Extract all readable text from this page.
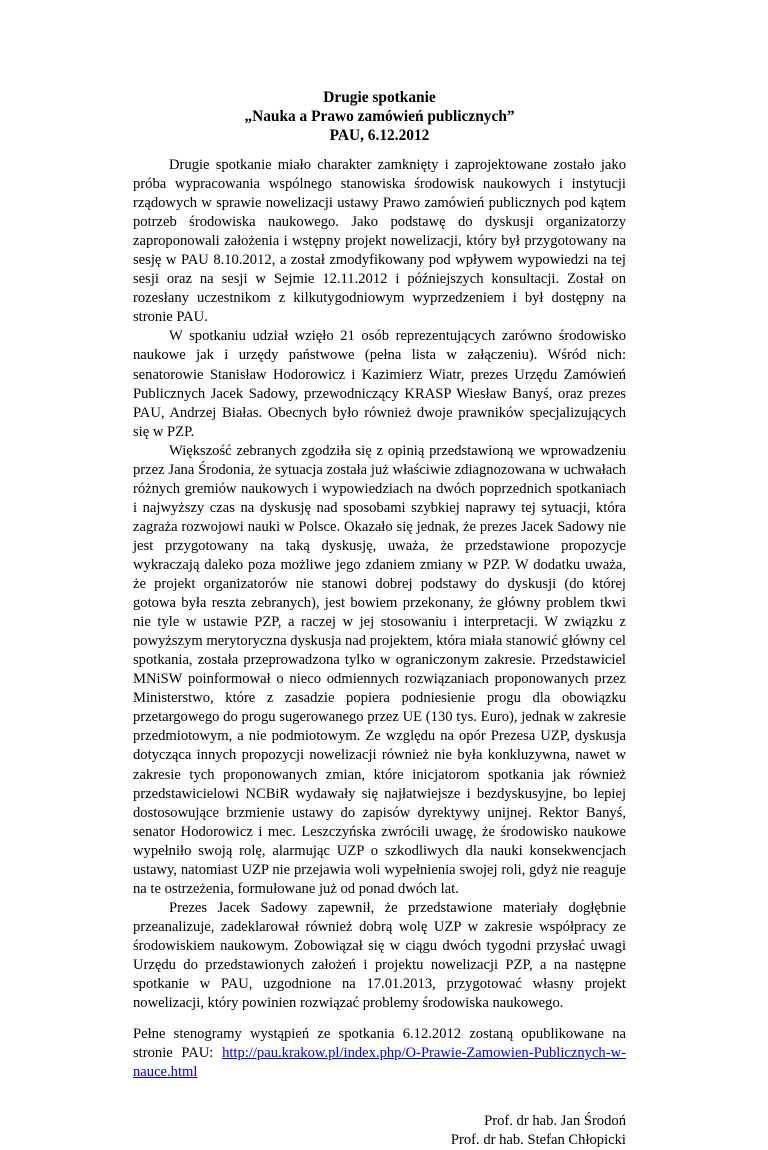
Drugie spotkanie
„Nauka a Prawo zamówień publicznych”
PAU, 6.12.2012

Drugie spotkanie miało charakter zamknięty i zaprojektowane zostało jako próba wypracowania wspólnego stanowiska środowisk naukowych i instytucji rządowych w sprawie nowelizacji ustawy Prawo zamówień publicznych pod kątem potrzeb środowiska naukowego. Jako podstawę do dyskusji organizatorzy zaproponowali założenia i wstępny projekt nowelizacji, który był przygotowany na sesję w PAU 8.10.2012, a został zmodyfikowany pod wpływem wypowiedzi na tej sesji oraz na sesji w Sejmie 12.11.2012 i późniejszych konsultacji. Został on rozesłany uczestnikom z kilkutygodniowym wyprzedzeniem i był dostępny na stronie PAU.

W spotkaniu udział wzięło 21 osób reprezentujących zarówno środowisko naukowe jak i urzędy państwowe (pełna lista w załączeniu). Wśród nich: senatorowie Stanisław Hodorowicz i Kazimierz Wiatr, prezes Urzędu Zamówień Publicznych Jacek Sadowy, przewodniczący KRASP Wiesław Banyś, oraz prezes PAU, Andrzej Białas. Obecnych było również dwoje prawników specjalizujących się w PZP.

Większość zebranych zgodziła się z opinią przedstawioną we wprowadzeniu przez Jana Środonia, że sytuacja została już właściwie zdiagnozowana w uchwałach różnych gremiów naukowych i wypowiedziach na dwóch poprzednich spotkaniach i najwyższy czas na dyskusję nad sposobami szybkiej naprawy tej sytuacji, która zagraża rozwojowi nauki w Polsce. Okazało się jednak, że prezes Jacek Sadowy nie jest przygotowany na taką dyskusję, uważa, że przedstawione propozycje wykraczają daleko poza możliwe jego zdaniem zmiany w PZP. W dodatku uważa, że projekt organizatorów nie stanowi dobrej podstawy do dyskusji (do której gotowa była reszta zebranych), jest bowiem przekonany, że główny problem tkwi nie tyle w ustawie PZP, a raczej w jej stosowaniu i interpretacji. W związku z powyższym merytoryczna dyskusja nad projektem, która miała stanowić główny cel spotkania, została przeprowadzona tylko w ograniczonym zakresie. Przedstawiciel MNiSW poinformował o nieco odmiennych rozwiązaniach proponowanych przez Ministerstwo, które z zasadzie popiera podniesienie progu dla obowiązku przetargowego do progu sugerowanego przez UE (130 tys. Euro), jednak w zakresie przedmiotowym, a nie podmiotowym. Ze względu na opór Prezesa UZP, dyskusja dotycząca innych propozycji nowelizacji również nie była konkluzywna, nawet w zakresie tych proponowanych zmian, które inicjatorom spotkania jak również przedstawicielowi NCBiR wydawały się najłatwiejsze i bezdyskusyjne, bo lepiej dostosowujące brzmienie ustawy do zapisów dyrektywy unijnej. Rektor Banyś, senator Hodorowicz i mec. Leszczyńska zwrócili uwagę, że środowisko naukowe wypełniło swoją rolę, alarmując UZP o szkodliwych dla nauki konsekwencjach ustawy, natomiast UZP nie przejawia woli wypełnienia swojej roli, gdyż nie reaguje na te ostrzeżenia, formułowane już od ponad dwóch lat.

Prezes Jacek Sadowy zapewnił, że przedstawione materiały dogłębnie przeanalizuje, zadeklarował również dobrą wolę UZP w zakresie współpracy ze środowiskiem naukowym. Zobowiązał się w ciągu dwóch tygodni przysłać uwagi Urzędu do przedstawionych założeń i projektu nowelizacji PZP, a na następne spotkanie w PAU, uzgodnione na 17.01.2013, przygotować własny projekt nowelizacji, który powinien rozwiązać problemy środowiska naukowego.

Pełne stenogramy wystąpień ze spotkania 6.12.2012 zostaną opublikowane na stronie PAU: http://pau.krakow.pl/index.php/O-Prawie-Zamowien-Publicznych-w-nauce.html

Prof. dr hab. Jan Środoń
Prof. dr hab. Stefan Chłopicki
